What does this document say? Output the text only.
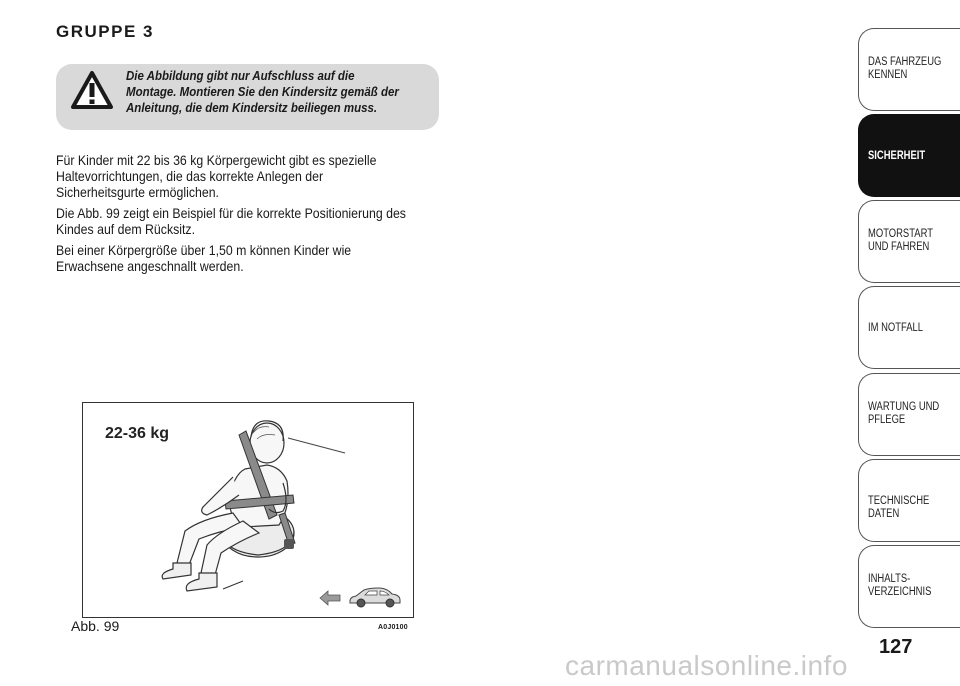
GRUPPE 3
Die Abbildung gibt nur Aufschluss auf die Montage. Montieren Sie den Kindersitz gemäß der Anleitung, die dem Kindersitz beiliegen muss.

Für Kinder mit 22 bis 36 kg Körpergewicht gibt es spezielle Haltevorrichtungen, die das korrekte Anlegen der Sicherheitsgurte ermöglichen.

Die Abb. 99 zeigt ein Beispiel für die korrekte Positionierung des Kindes auf dem Rücksitz.

Bei einer Körpergröße über 1,50 m können Kinder wie Erwachsene angeschnallt werden.

22-36 kg
Abb. 99	A0J0100
DAS FAHRZEUG KENNEN
SICHERHEIT
MOTORSTART UND FAHREN
IM NOTFALL
WARTUNG UND PFLEGE
TECHNISCHE DATEN
INHALTS-VERZEICHNIS
127
carmanualsonline.info
